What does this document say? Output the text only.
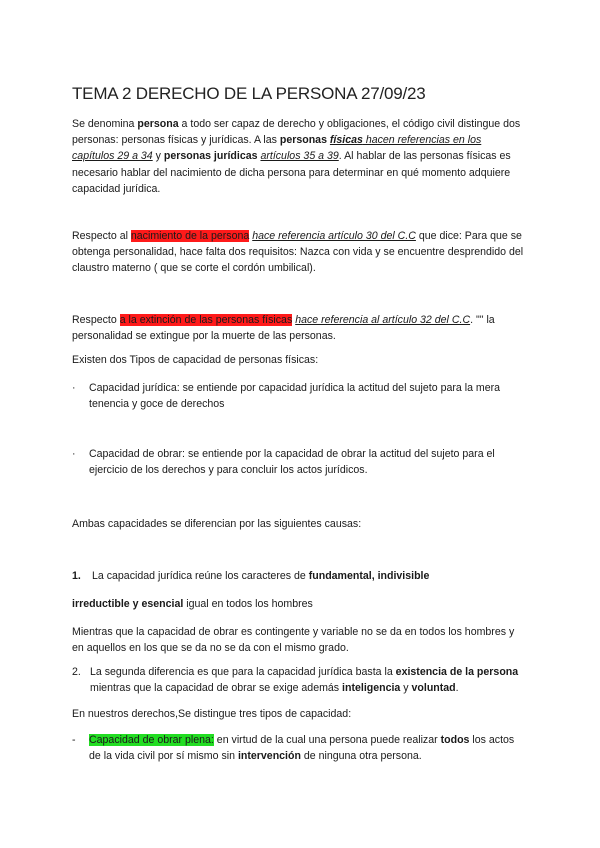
TEMA 2 DERECHO DE LA PERSONA 27/09/23
Se denomina persona a todo ser capaz de derecho y obligaciones, el código civil distingue dos personas: personas físicas y jurídicas. A las personas físicas hacen referencias en los capítulos 29 a 34 y personas jurídicas artículos 35 a 39. Al hablar de las personas físicas es necesario hablar del nacimiento de dicha persona para determinar en qué momento adquiere capacidad jurídica.
Respecto al nacimiento de la persona hace referencia artículo 30 del C.C que dice: Para que se obtenga personalidad, hace falta dos requisitos: Nazca con vida y se encuentre desprendido del claustro materno ( que se corte el cordón umbilical).
Respecto a la extinción de las personas físicas hace referencia al artículo 32 del C.C. "" la personalidad se extingue por la muerte de las personas.
Existen dos Tipos de capacidad de personas físicas:
· Capacidad jurídica: se entiende por capacidad jurídica la actitud del sujeto para la mera tenencia y goce de derechos
· Capacidad de obrar: se entiende por la capacidad de obrar la actitud del sujeto para el ejercicio de los derechos y para concluir los actos jurídicos.
Ambas capacidades se diferencian por las siguientes causas:
1. La capacidad jurídica reúne los caracteres de fundamental, indivisible
irreductible y esencial igual en todos los hombres
Mientras que la capacidad de obrar es contingente y variable no se da en todos los hombres y en aquellos en los que se da no se da con el mismo grado.
2. La segunda diferencia es que para la capacidad jurídica basta la existencia de la persona mientras que la capacidad de obrar se exige además inteligencia y voluntad.
En nuestros derechos,Se distingue tres tipos de capacidad:
- Capacidad de obrar plena: en virtud de la cual una persona puede realizar todos los actos de la vida civil por sí mismo sin intervención de ninguna otra persona.
